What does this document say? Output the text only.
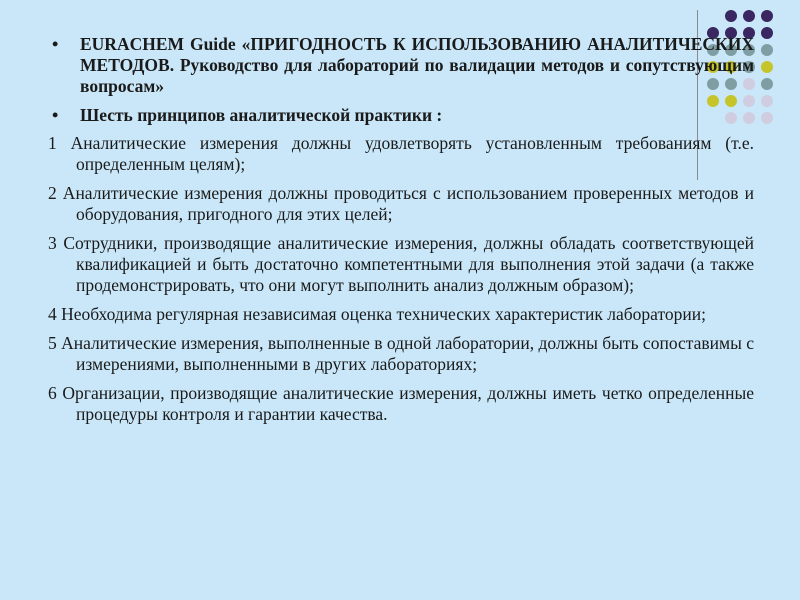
• EURACHEM Guide «ПРИГОДНОСТЬ К ИСПОЛЬЗОВАНИЮ АНАЛИТИЧЕСКИХ МЕТОДОВ. Руководство для лабораторий по валидации методов и сопутствующим вопросам»
• Шесть принципов аналитической практики :
1 Аналитические измерения должны удовлетворять установленным требованиям (т.е. определенным целям);
2 Аналитические измерения должны проводиться с использованием проверенных методов и оборудования, пригодного для этих целей;
3 Сотрудники, производящие аналитические измерения, должны обладать соответствующей квалификацией и быть достаточно компетентными для выполнения этой задачи (а также продемонстрировать, что они могут выполнить анализ должным образом);
4 Необходима регулярная независимая оценка технических характеристик лаборатории;
5 Аналитические измерения, выполненные в одной лаборатории, должны быть сопоставимы с измерениями, выполненными в других лабораториях;
6 Организации, производящие аналитические измерения, должны иметь четко определенные процедуры контроля и гарантии качества.
